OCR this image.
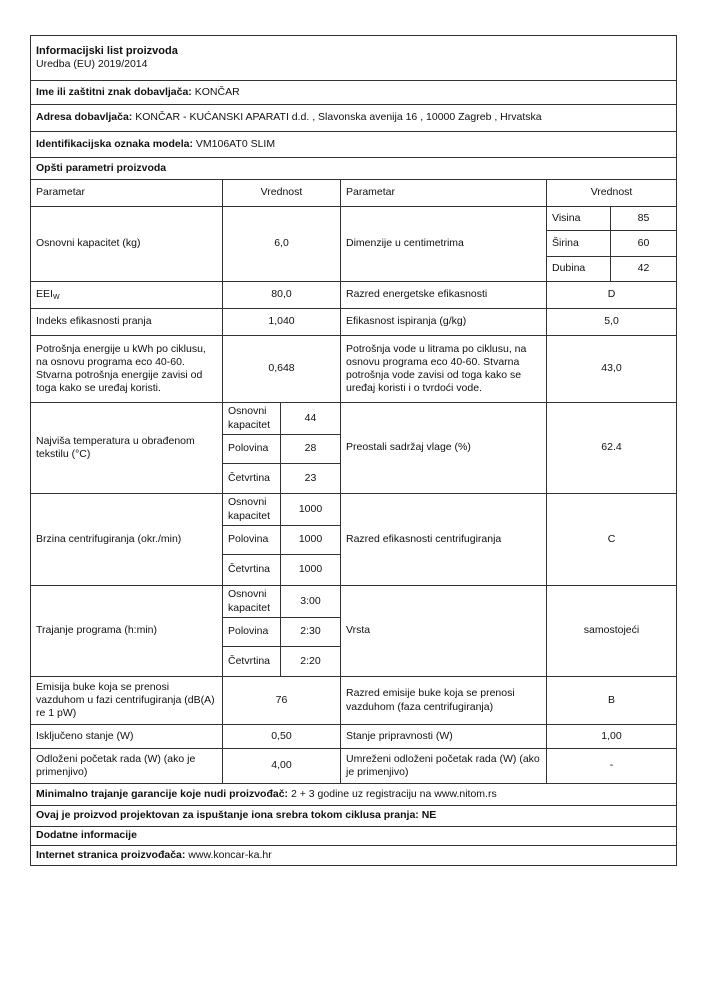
Informacijski list proizvoda
Uredba (EU) 2019/2014					

Ime ili zaštitni znak dobavljača: KONČAR					
Adresa dobavljača: KONČAR - KUĆANSKI APARATI d.d. , Slavonska avenija 16 , 10000 Zagreb , Hrvatska					
Identifikacijska oznaka modela: VM106AT0 SLIM					
Opšti parametri proizvoda					
Parametar	Vrednost		Parametar	Vrednost	
Osnovni kapacitet (kg)	6,0		Dimenzije u centimetrima	Visina	85
				Širina	60
				Dubina	42
$EEI_W$	80,0		Razred energetske efikasnosti	D	
Indeks efikasnosti pranja	1,040		Efikasnost ispiranja (g/kg)	5,0	
Potrošnja energije u kWh po ciklusu, na osnovu programa eco 40-60. Stvarna potrošnja energije zavisi od toga kako se uređaj koristi.	0,648		Potrošnja vode u litrama po ciklusu, na osnovu programa eco 40-60. Stvarna potrošnja vode zavisi od toga kako se uređaj koristi i o tvrdoći vode.	43,0	
Najviša temperatura u obrađenom tekstilu (°C)	Osnovni kapacitet	44	Preostali sadržaj vlage (%)	62.4	
	Polovina	28			
	Četvrtina	23			
Brzina centrifugiranja (okr./min)	Osnovni kapacitet	1000	Razred efikasnosti centrifugiranja	C	
	Polovina	1000			
	Četvrtina	1000			
Trajanje programa (h:min)	Osnovni kapacitet	3:00	Vrsta	samostojeći	
	Polovina	2:30			
	Četvrtina	2:20			
Emisija buke koja se prenosi vazduhom u fazi centrifugiranja (dB(A) re 1 pW)	76		Razred emisije buke koja se prenosi vazduhom (faza centrifugiranja)	B	
Isključeno stanje (W)	0,50		Stanje pripravnosti (W)	1,00	
Odloženi početak rada (W) (ako je primenjivo)	4,00		Umreženi odloženi početak rada (W) (ako je primenjivo)	-	
Minimalno trajanje garancije koje nudi proizvođač: 2 + 3 godine uz registraciju na www.nitom.rs					
Ovaj je proizvod projektovan za ispuštanje iona srebra tokom ciklusa pranja: NE					
Dodatne informacije					
Internet stranica proizvođača: www.koncar-ka.hr					
